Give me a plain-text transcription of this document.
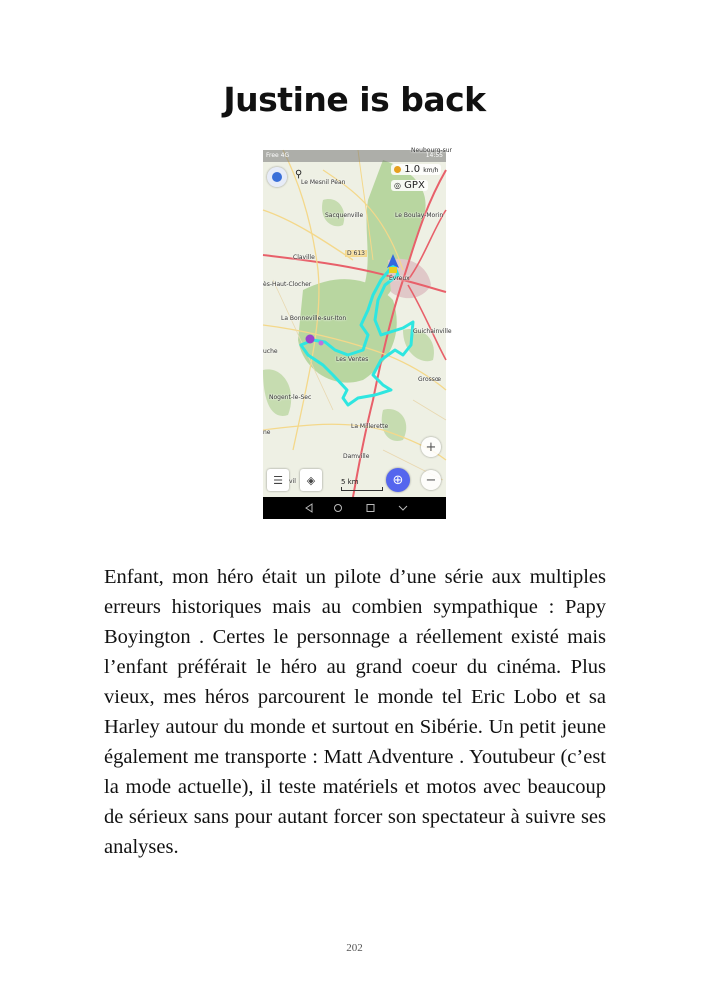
Justine is back
Free 4G	14:55
Le Mesnil Péan
Sacquenville	Le Boulay-Morin
Neubourg-sur
Claville
D 613
ès-Haut-Clocher
Évreux
La Bonneville-sur-Iton
Guichainville
uche
Les Ventes
Grossœ
Nogent-le-Sec
La Millerette
ne
Damville
⚲	1.0 km/h
◎ GPX
+
−
☰ ◈
vil	5 km	⊕

Enfant, mon héro était un pilote d’une série aux multiples erreurs historiques mais au combien sympathique : Papy Boyington . Certes le personnage a réellement existé mais l’enfant préférait le héro au grand coeur du cinéma. Plus vieux, mes héros parcourent le monde tel Eric Lobo et sa Harley autour du monde et surtout en Sibérie. Un petit jeune également me transporte : Matt Adventure . Youtubeur (c’est la mode actuelle), il teste matériels et motos avec beaucoup de sérieux sans pour autant forcer son spectateur à suivre ses analyses.

202
